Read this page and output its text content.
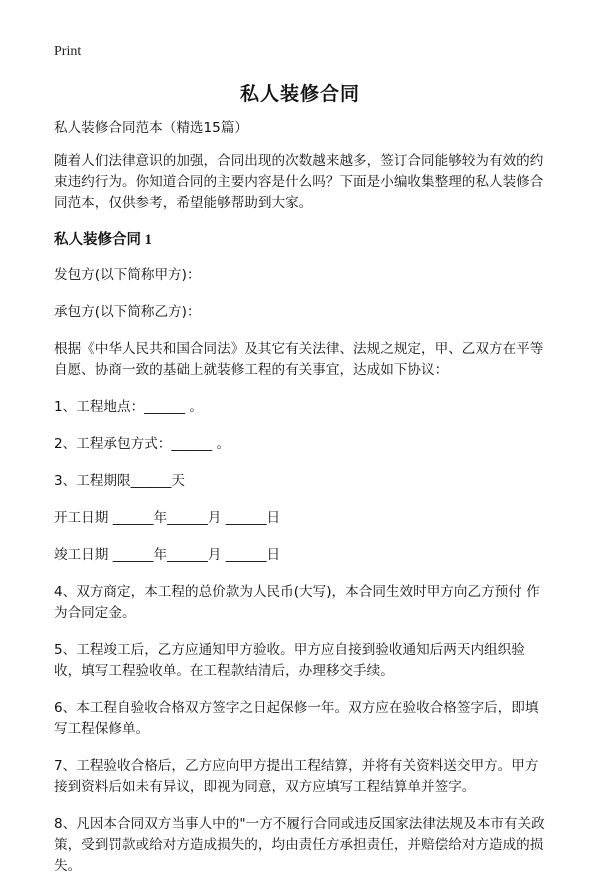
Print
私人装修合同

私人装修合同范本（精选15篇）

随着人们法律意识的加强，合同出现的次数越来越多，签订合同能够较为有效的约束违约行为。你知道合同的主要内容是什么吗？下面是小编收集整理的私人装修合同范本，仅供参考，希望能够帮助到大家。

私人装修合同 1

发包方(以下简称甲方)：

承包方(以下简称乙方)：

根据《中华人民共和国合同法》及其它有关法律、法规之规定，甲、乙双方在平等自愿、协商一致的基础上就装修工程的有关事宜，达成如下协议：

1、工程地点：______ 。

2、工程承包方式：______ 。

3、工程期限______天

开工日期 ______年______月 ______日

竣工日期 ______年______月 ______日

4、双方商定，本工程的总价款为人民币(大写)，本合同生效时甲方向乙方预付 作为合同定金。

5、工程竣工后，乙方应通知甲方验收。甲方应自接到验收通知后两天内组织验收，填写工程验收单。在工程款结清后，办理移交手续。

6、本工程自验收合格双方签字之日起保修一年。双方应在验收合格签字后，即填写工程保修单。

7、工程验收合格后，乙方应向甲方提出工程结算，并将有关资料送交甲方。甲方接到资料后如未有异议，即视为同意，双方应填写工程结算单并签字。

8、凡因本合同双方当事人中的"一方不履行合同或违反国家法律法规及本市有关政策，受到罚款或给对方造成损失的，均由责任方承担责任，并赔偿给对方造成的损失。
